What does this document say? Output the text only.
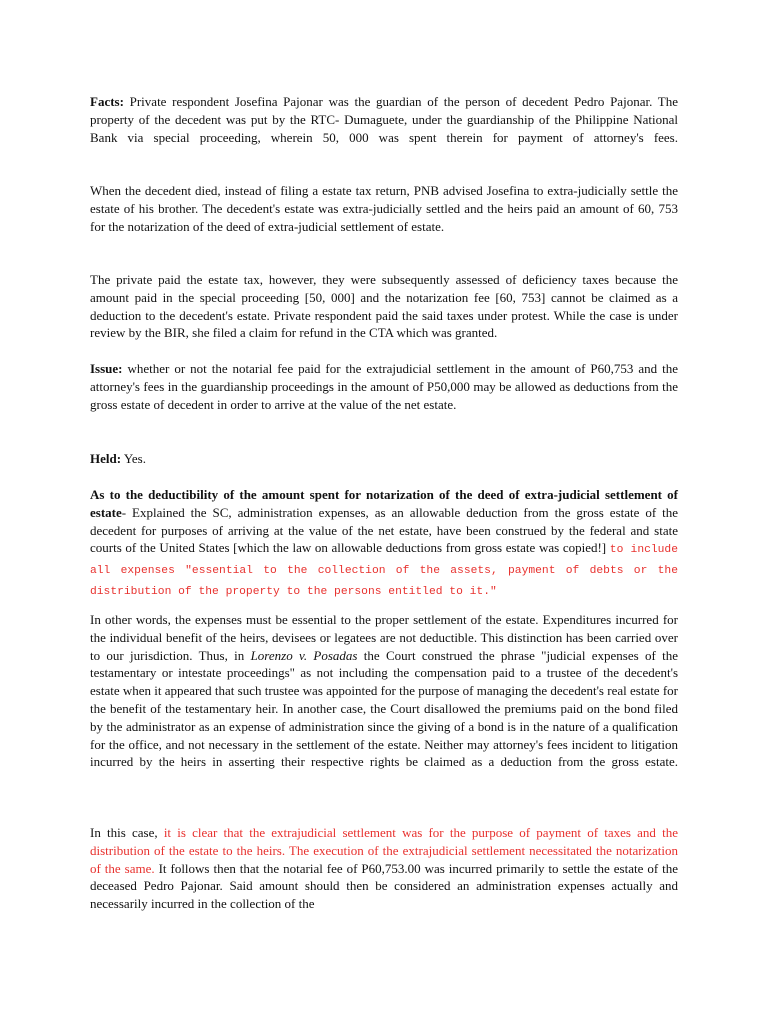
Facts: Private respondent Josefina Pajonar was the guardian of the person of decedent Pedro Pajonar. The property of the decedent was put by the RTC- Dumaguete, under the guardianship of the Philippine National Bank via special proceeding, wherein 50, 000 was spent therein for payment of attorney's fees.

When the decedent died, instead of filing a estate tax return, PNB advised Josefina to extra-judicially settle the estate of his brother. The decedent's estate was extra-judicially settled and the heirs paid an amount of 60, 753 for the notarization of the deed of extra-judicial settlement of estate.

The private paid the estate tax, however, they were subsequently assessed of deficiency taxes because the amount paid in the special proceeding [50, 000] and the notarization fee [60, 753] cannot be claimed as a deduction to the decedent's estate. Private respondent paid the said taxes under protest. While the case is under review by the BIR, she filed a claim for refund in the CTA which was granted.

Issue: whether or not the notarial fee paid for the extrajudicial settlement in the amount of P60,753 and the attorney's fees in the guardianship proceedings in the amount of P50,000 may be allowed as deductions from the gross estate of decedent in order to arrive at the value of the net estate.

Held: Yes.

As to the deductibility of the amount spent for notarization of the deed of extra-judicial settlement of estate- Explained the SC, administration expenses, as an allowable deduction from the gross estate of the decedent for purposes of arriving at the value of the net estate, have been construed by the federal and state courts of the United States [which the law on allowable deductions from gross estate was copied!] to include all expenses "essential to the collection of the assets, payment of debts or the distribution of the property to the persons entitled to it."

In other words, the expenses must be essential to the proper settlement of the estate. Expenditures incurred for the individual benefit of the heirs, devisees or legatees are not deductible. This distinction has been carried over to our jurisdiction. Thus, in Lorenzo v. Posadas the Court construed the phrase "judicial expenses of the testamentary or intestate proceedings" as not including the compensation paid to a trustee of the decedent's estate when it appeared that such trustee was appointed for the purpose of managing the decedent's real estate for the benefit of the testamentary heir. In another case, the Court disallowed the premiums paid on the bond filed by the administrator as an expense of administration since the giving of a bond is in the nature of a qualification for the office, and not necessary in the settlement of the estate. Neither may attorney's fees incident to litigation incurred by the heirs in asserting their respective rights be claimed as a deduction from the gross estate.

In this case, it is clear that the extrajudicial settlement was for the purpose of payment of taxes and the distribution of the estate to the heirs. The execution of the extrajudicial settlement necessitated the notarization of the same. It follows then that the notarial fee of P60,753.00 was incurred primarily to settle the estate of the deceased Pedro Pajonar. Said amount should then be considered an administration expenses actually and necessarily incurred in the collection of the
